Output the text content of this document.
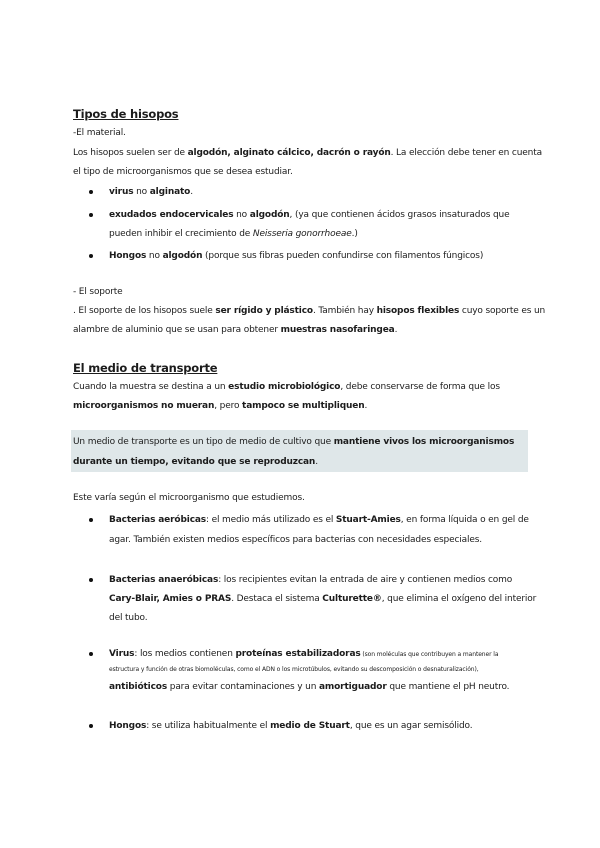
Tipos de hisopos
-El material.
Los hisopos suelen ser de algodón, alginato cálcico, dacrón o rayón. La elección debe tener en cuenta
el tipo de microorganismos que se desea estudiar.
virus no alginato.
exudados endocervicales no algodón, (ya que contienen ácidos grasos insaturados que
pueden inhibir el crecimiento de Neisseria gonorrhoeae.)
Hongos no algodón (porque sus fibras pueden confundirse con filamentos fúngicos)
- El soporte
. El soporte de los hisopos suele ser rígido y plástico. También hay hisopos flexibles cuyo soporte es un
alambre de aluminio que se usan para obtener muestras nasofaringea.
El medio de transporte
Cuando la muestra se destina a un estudio microbiológico, debe conservarse de forma que los
microorganismos no mueran, pero tampoco se multipliquen.
Un medio de transporte es un tipo de medio de cultivo que mantiene vivos los microorganismos
durante un tiempo, evitando que se reproduzcan.
Este varía según el microorganismo que estudiemos.
Bacterias aeróbicas: el medio más utilizado es el Stuart-Amies, en forma líquida o en gel de
agar. También existen medios específicos para bacterias con necesidades especiales.
Bacterias anaeróbicas: los recipientes evitan la entrada de aire y contienen medios como
Cary-Blair, Amies o PRAS. Destaca el sistema Culturette®, que elimina el oxígeno del interior
del tubo.
Virus: los medios contienen proteínas estabilizadoras (son moléculas que contribuyen a mantener la
estructura y función de otras biomoléculas, como el ADN o los microtúbulos, evitando su descomposición o desnaturalización),
antibióticos para evitar contaminaciones y un amortiguador que mantiene el pH neutro.
Hongos: se utiliza habitualmente el medio de Stuart, que es un agar semisólido.
